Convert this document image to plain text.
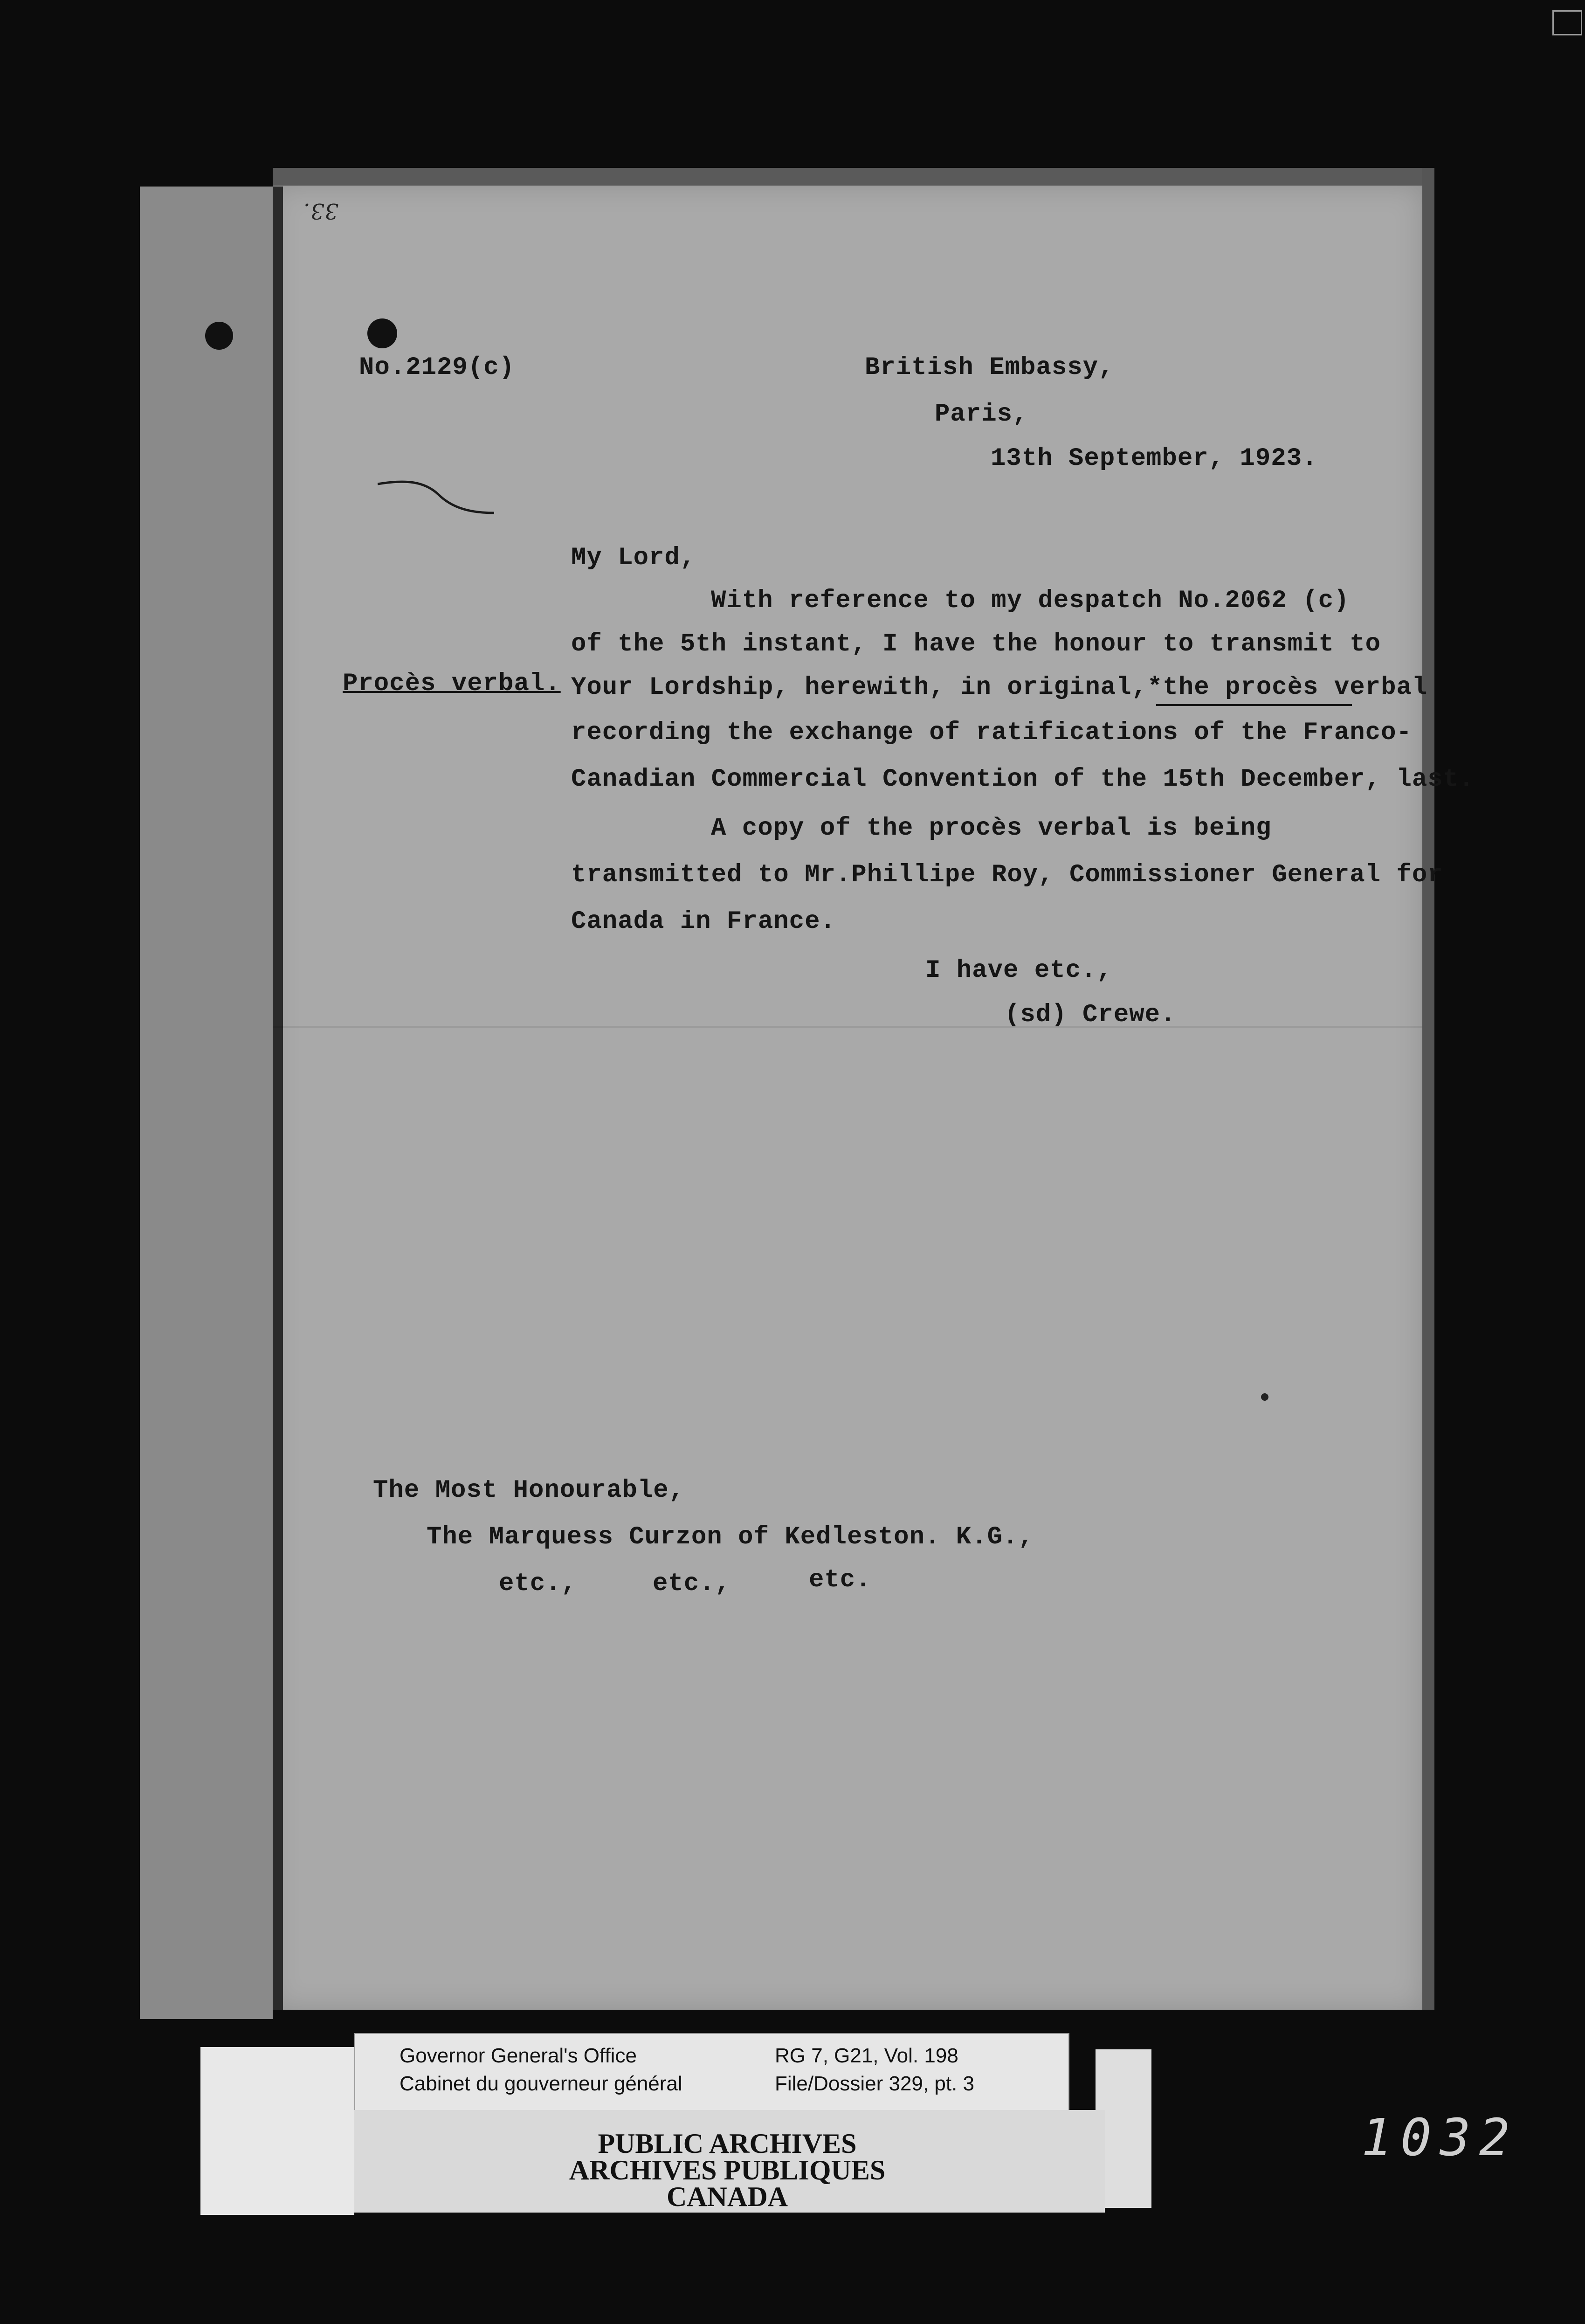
33.
No.2129(c)	British Embassy,
Paris,
13th September, 1923.
My Lord,
Procès verbal.
With reference to my despatch No.2062 (c)
of the 5th instant, I have the honour to transmit to
Your Lordship, herewith, in original,*the procès verbal
recording the exchange of ratifications of the Franco-
Canadian Commercial Convention of the 15th December, last.
A copy of the procès verbal is being
transmitted to Mr.Phillipe Roy, Commissioner General for
Canada in France.
I have etc.,
(sd) Crewe.
The Most Honourable,
The Marquess Curzon of Kedleston. K.G.,
etc.,	etc.,	etc.
Governor General's Office
Cabinet du gouverneur général
RG 7, G21, Vol. 198
File/Dossier 329, pt. 3
PUBLIC ARCHIVES
ARCHIVES PUBLIQUES
CANADA
1032
